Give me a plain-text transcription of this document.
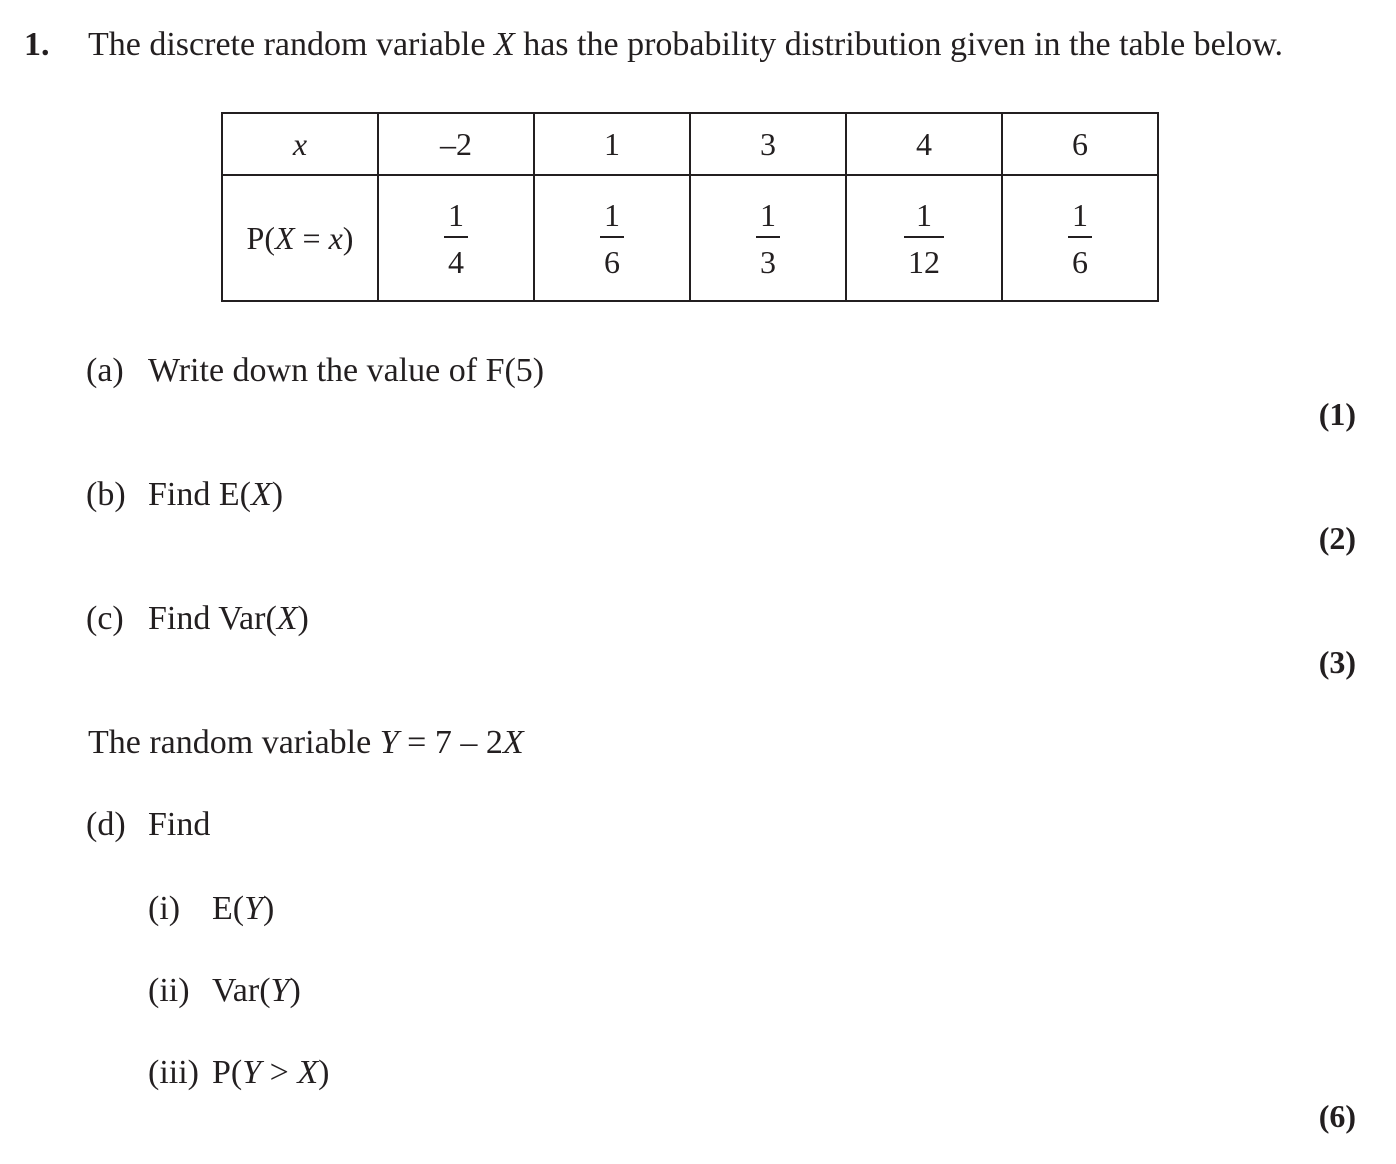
1. The discrete random variable X has the probability distribution given in the table below.
x	–2	1	3	4	6
P(X = x)	$\frac{1}{4}$	$\frac{1}{6}$	$\frac{1}{3}$	$\frac{1}{12}$	$\frac{1}{6}$
(a) Write down the value of F(5)
(1)
(b) Find E(X)
(2)
(c) Find Var(X)
(3)
The random variable Y = 7 – 2X
(d) Find
(i) E(Y)
(ii) Var(Y)
(iii) P(Y > X)
(6)
